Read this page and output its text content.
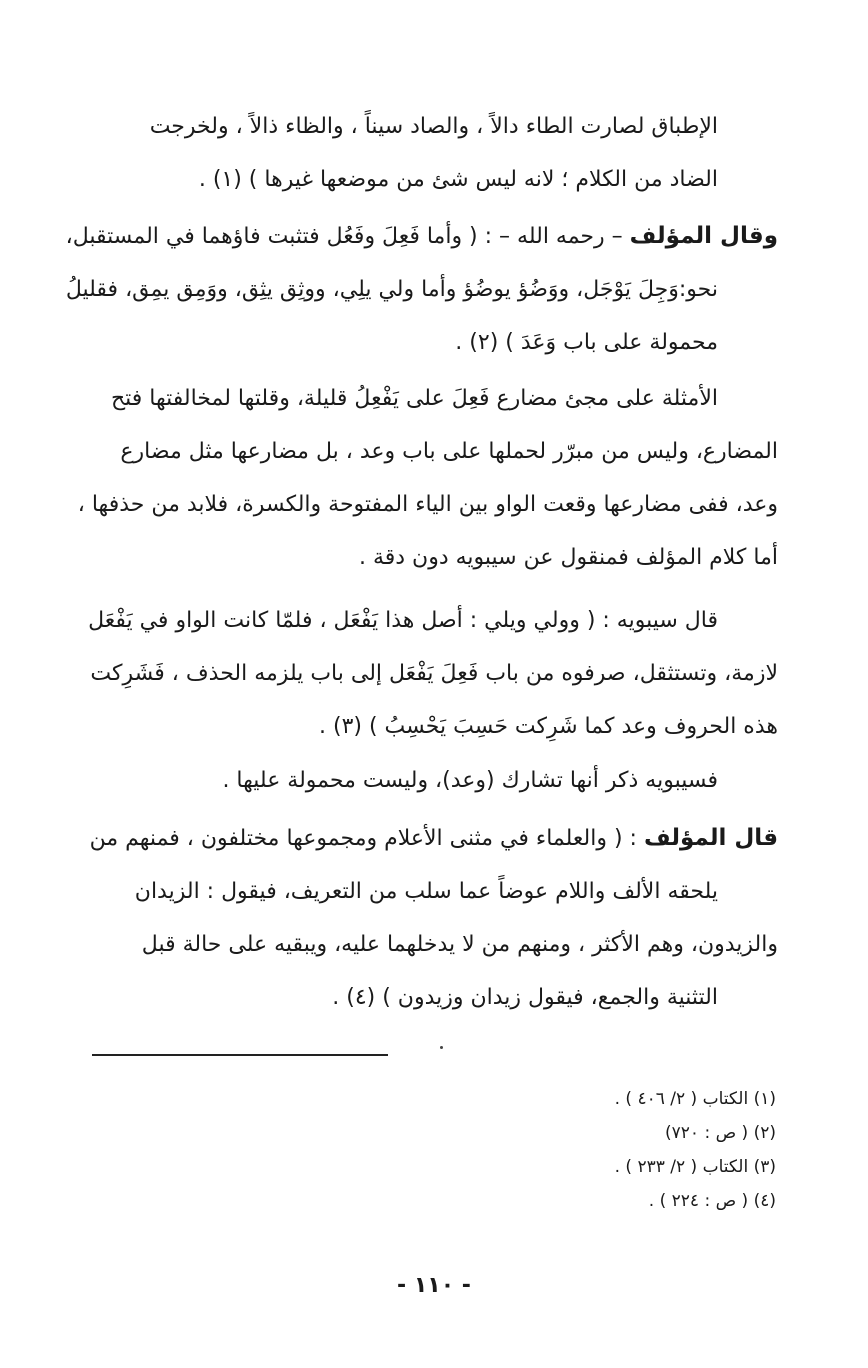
الإطباق لصارت الطاء دالاً ، والصاد سيناً ، والظاء ذالاً ، ولخرجت
الضاد من الكلام ؛ لانه ليس شئ من موضعها غيرها ) (١) .
وقال المؤلف – رحمه الله – : ( وأما فَعِلَ وفَعُل فتثبت فاؤهما في المستقبل،
نحو:وَجِلَ يَوْجَل، ووَضُؤ يوضُؤ وأما ولي يلِي، ووثِق يثِق، ووَمِق يمِق، فقليلُ
محمولة على باب وَعَدَ ) (٢) .
الأمثلة على مجئ مضارع فَعِلَ على يَفْعِلُ قليلة، وقلتها لمخالفتها فتح
المضارع، وليس من مبرّر لحملها على باب وعد ، بل مضارعها مثل مضارع
وعد، ففى مضارعها وقعت الواو بين الياء المفتوحة والكسرة، فلابد من حذفها ،
أما كلام المؤلف فمنقول عن سيبويه دون دقة .
قال سيبويه : ( وولي ويلي : أصل هذا يَفْعَل ، فلمّا كانت الواو في يَفْعَل
لازمة، وتستثقل، صرفوه من باب فَعِلَ يَفْعَل إلى باب يلزمه الحذف ، فَشَرِكت
هذه الحروف وعد كما شَرِكت حَسِبَ يَحْسِبُ ) (٣) .
فسيبويه ذكر أنها تشارك (وعد)، وليست محمولة عليها .
قال المؤلف : ( والعلماء في مثنى الأعلام ومجموعها مختلفون ، فمنهم من
يلحقه الألف واللام عوضاً عما سلب من التعريف، فيقول : الزيدان
والزيدون، وهم الأكثر ، ومنهم من لا يدخلهما عليه، ويبقيه على حالة قبل
التثنية والجمع، فيقول زيدان وزيدون ) (٤) .
(١) الكتاب ( ٢/ ٤٠٦ ) .
(٢) ( ص : ٧٢٠)
(٣) الكتاب ( ٢/ ٢٣٣ ) .
(٤) ( ص : ٢٢٤ ) .
- ١١٠ -
